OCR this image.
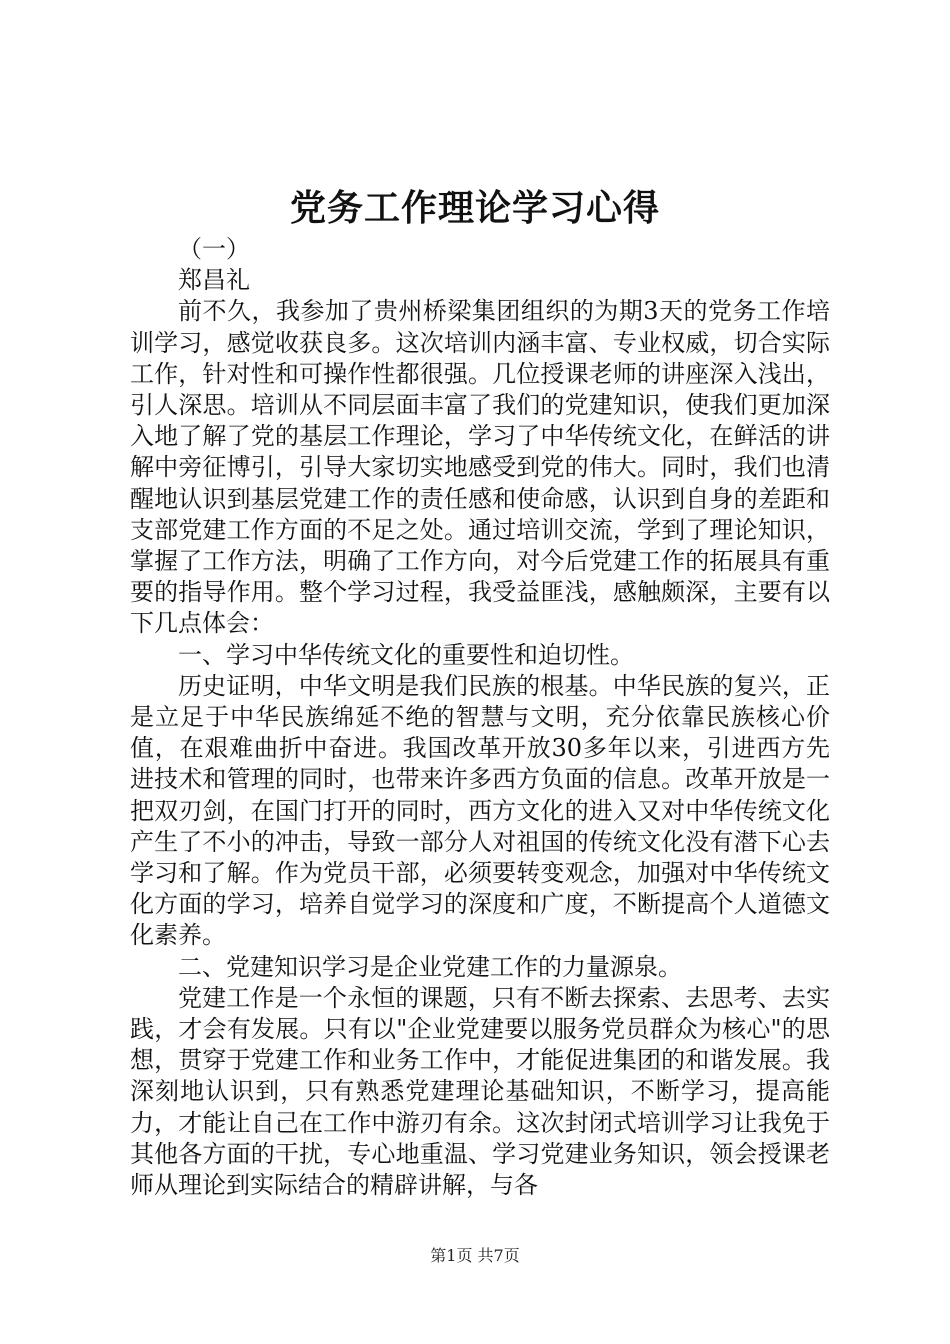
党务工作理论学习心得

（一）

郑昌礼

前不久，我参加了贵州桥梁集团组织的为期3天的党务工作培训学习，感觉收获良多。这次培训内涵丰富、专业权威，切合实际工作，针对性和可操作性都很强。几位授课老师的讲座深入浅出，引人深思。培训从不同层面丰富了我们的党建知识，使我们更加深入地了解了党的基层工作理论，学习了中华传统文化，在鲜活的讲解中旁征博引，引导大家切实地感受到党的伟大。同时，我们也清醒地认识到基层党建工作的责任感和使命感，认识到自身的差距和支部党建工作方面的不足之处。通过培训交流，学到了理论知识，掌握了工作方法，明确了工作方向，对今后党建工作的拓展具有重要的指导作用。整个学习过程，我受益匪浅，感触颇深，主要有以下几点体会：

一、学习中华传统文化的重要性和迫切性。

历史证明，中华文明是我们民族的根基。中华民族的复兴，正是立足于中华民族绵延不绝的智慧与文明，充分依靠民族核心价值，在艰难曲折中奋进。我国改革开放30多年以来，引进西方先进技术和管理的同时，也带来许多西方负面的信息。改革开放是一把双刃剑，在国门打开的同时，西方文化的进入又对中华传统文化产生了不小的冲击，导致一部分人对祖国的传统文化没有潜下心去学习和了解。作为党员干部，必须要转变观念，加强对中华传统文化方面的学习，培养自觉学习的深度和广度，不断提高个人道德文化素养。

二、党建知识学习是企业党建工作的力量源泉。

党建工作是一个永恒的课题，只有不断去探索、去思考、去实践，才会有发展。只有以"企业党建要以服务党员群众为核心"的思想，贯穿于党建工作和业务工作中，才能促进集团的和谐发展。我深刻地认识到，只有熟悉党建理论基础知识，不断学习，提高能力，才能让自己在工作中游刃有余。这次封闭式培训学习让我免于其他各方面的干扰，专心地重温、学习党建业务知识，领会授课老师从理论到实际结合的精辟讲解，与各

第1页 共7页
